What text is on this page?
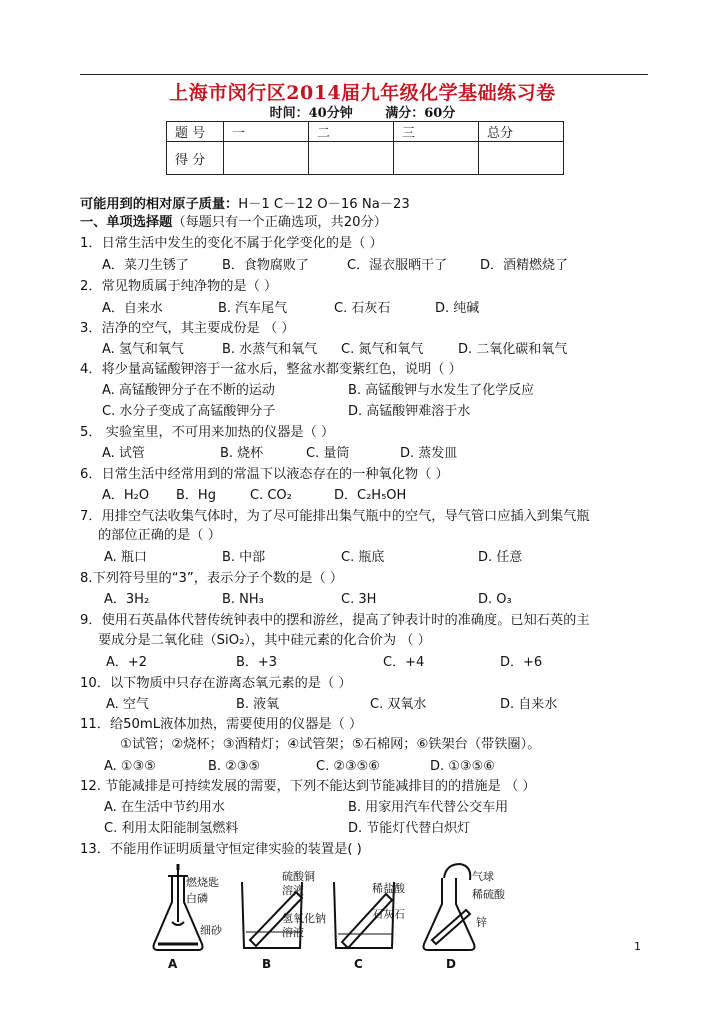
上海市闵行区2014届九年级化学基础练习卷
时间：40分钟	满分：60分
题 号	一	二	三	总分
得 分				
可能用到的相对原子质量：H－1 C－12 O－16 Na－23
一、单项选择题（每题只有一个正确选项，共20分）
1．日常生活中发生的变化不属于化学变化的是（ ）
A．菜刀生锈了	B．食物腐败了	C．湿衣服晒干了	D．酒精燃烧了
2．常见物质属于纯净物的是（ ）
A．自来水	B. 汽车尾气	C. 石灰石	D. 纯碱
3．洁净的空气，其主要成份是 （ ）
A. 氢气和氧气	B. 水蒸气和氧气 C. 氮气和氧气	D. 二氧化碳和氧气
4．将少量高锰酸钾溶于一盆水后，整盆水都变紫红色，说明（ ）
A. 高锰酸钾分子在不断的运动	B. 高锰酸钾与水发生了化学反应
C. 水分子变成了高锰酸钾分子	D. 高锰酸钾难溶于水
5． 实验室里，不可用来加热的仪器是（ ）
A. 试管	B. 烧杯	C. 量筒	D. 蒸发皿
6．日常生活中经常用到的常温下以液态存在的一种氧化物（ ）
A．H₂O B．Hg	C. CO₂	D．C₂H₅OH
7．用排空气法收集气体时，为了尽可能排出集气瓶中的空气，导气管口应插入到集气瓶
的部位正确的是（ ）
A. 瓶口	B. 中部	C. 瓶底	D. 任意
8.下列符号里的“3”，表示分子个数的是（ ）
A．3H₂	B. NH₃	C. 3H	D. O₃
9．使用石英晶体代替传统钟表中的摆和游丝，提高了钟表计时的准确度。已知石英的主
要成分是二氧化硅（SiO₂），其中硅元素的化合价为 （ ）
A．+2	B．+3	C．+4	D．+6
10．以下物质中只存在游离态氧元素的是（ ）
A. 空气	B. 液氧	C. 双氧水	D. 自来水
11．给50mL液体加热，需要使用的仪器是（ ）
①试管；②烧杯；③酒精灯；④试管架；⑤石棉网；⑥铁架台（带铁圈）。
A. ①③⑤	B. ②③⑤	C. ②③⑤⑥	D. ①③⑤⑥
12. 节能减排是可持续发展的需要，下列不能达到节能减排目的的措施是 （ ）
A. 在生活中节约用水	B. 用家用汽车代替公交车用
C. 利用太阳能制氢燃料	D. 节能灯代替白炽灯
13．不能用作证明质量守恒定律实验的装置是( )
燃烧匙
白磷
细砂
硫酸铜
溶液
氢氧化钠
溶液
稀盐酸
石灰石
气球
稀硫酸
锌
A	B	C	D
1
